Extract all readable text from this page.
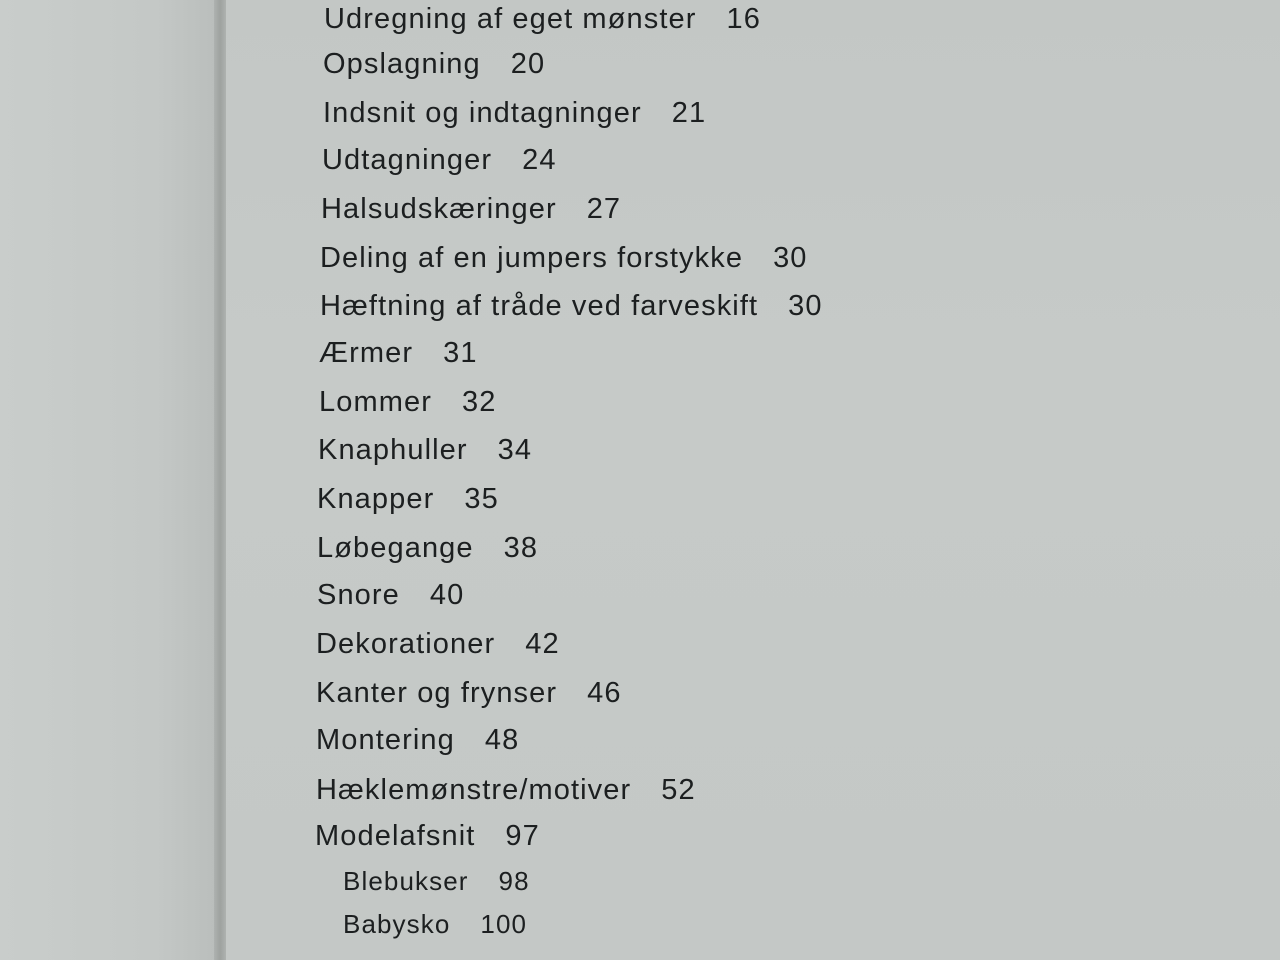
Udregning af eget mønster 16
Opslagning 20
Indsnit og indtagninger 21
Udtagninger 24
Halsudskæringer 27
Deling af en jumpers forstykke 30
Hæftning af tråde ved farveskift 30
Ærmer 31
Lommer 32
Knaphuller 34
Knapper 35
Løbegange 38
Snore 40
Dekorationer 42
Kanter og frynser 46
Montering 48
Hæklemønstre/motiver 52
Modelafsnit 97
Blebukser 98
Babysko 100
